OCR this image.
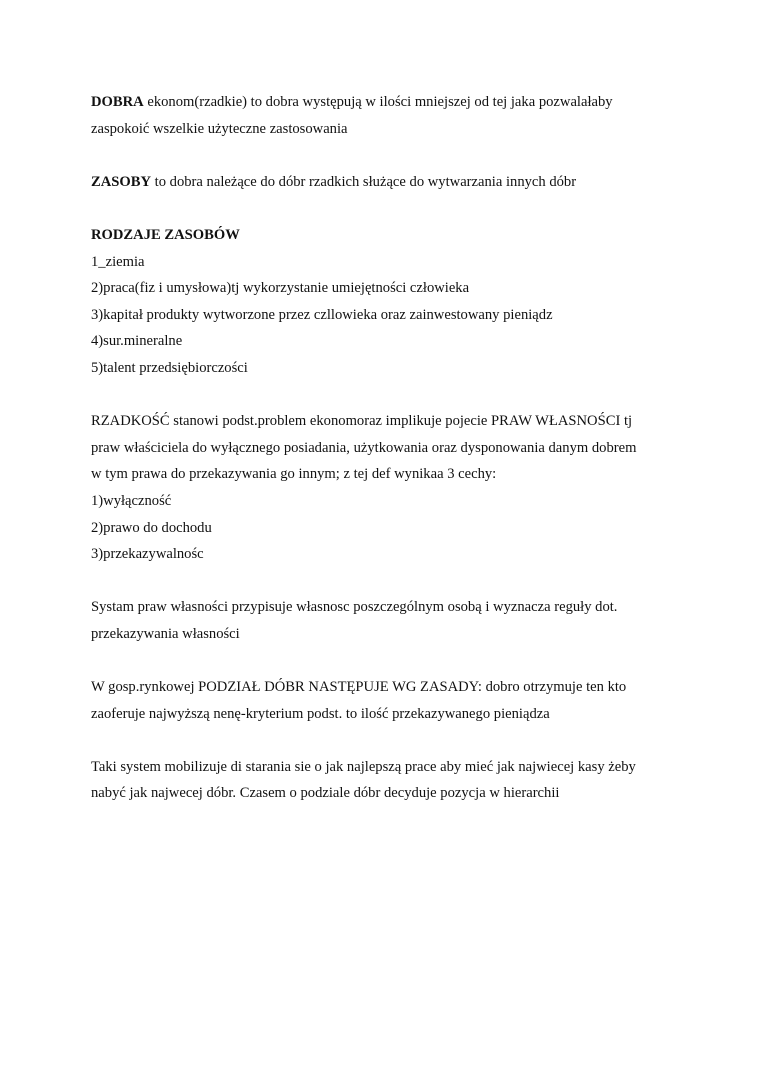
DOBRA ekonom(rzadkie) to dobra występują w ilości mniejszej od tej jaka pozwalałaby
zaspokoić wszelkie użyteczne zastosowania
ZASOBY to dobra należące do dóbr rzadkich służące do wytwarzania innych dóbr
RODZAJE ZASOBÓW
1_ziemia
2)praca(fiz i umysłowa)tj wykorzystanie umiejętności człowieka
3)kapitał produkty wytworzone przez czllowieka oraz zainwestowany pieniądz
4)sur.mineralne
5)talent przedsiębiorczości
RZADKOŚĆ stanowi podst.problem ekonomoraz implikuje pojecie PRAW WŁASNOŚCI tj
praw właściciela do wyłącznego posiadania, użytkowania oraz dysponowania danym dobrem
w tym prawa do przekazywania go innym; z tej def wynikaa 3 cechy:
1)wyłączność
2)prawo do dochodu
3)przekazywalnośc
Systam praw własności przypisuje własnosc poszczególnym osobą i wyznacza reguły dot.
przekazywania własności
W gosp.rynkowej PODZIAŁ DÓBR NASTĘPUJE WG ZASADY: dobro otrzymuje ten kto
zaoferuje najwyższą nenę-kryterium podst. to ilość przekazywanego pieniądza
Taki system mobilizuje di starania sie o jak najlepszą prace aby mieć jak najwiecej kasy żeby
nabyć jak najwecej dóbr. Czasem o podziale dóbr decyduje pozycja w hierarchii
